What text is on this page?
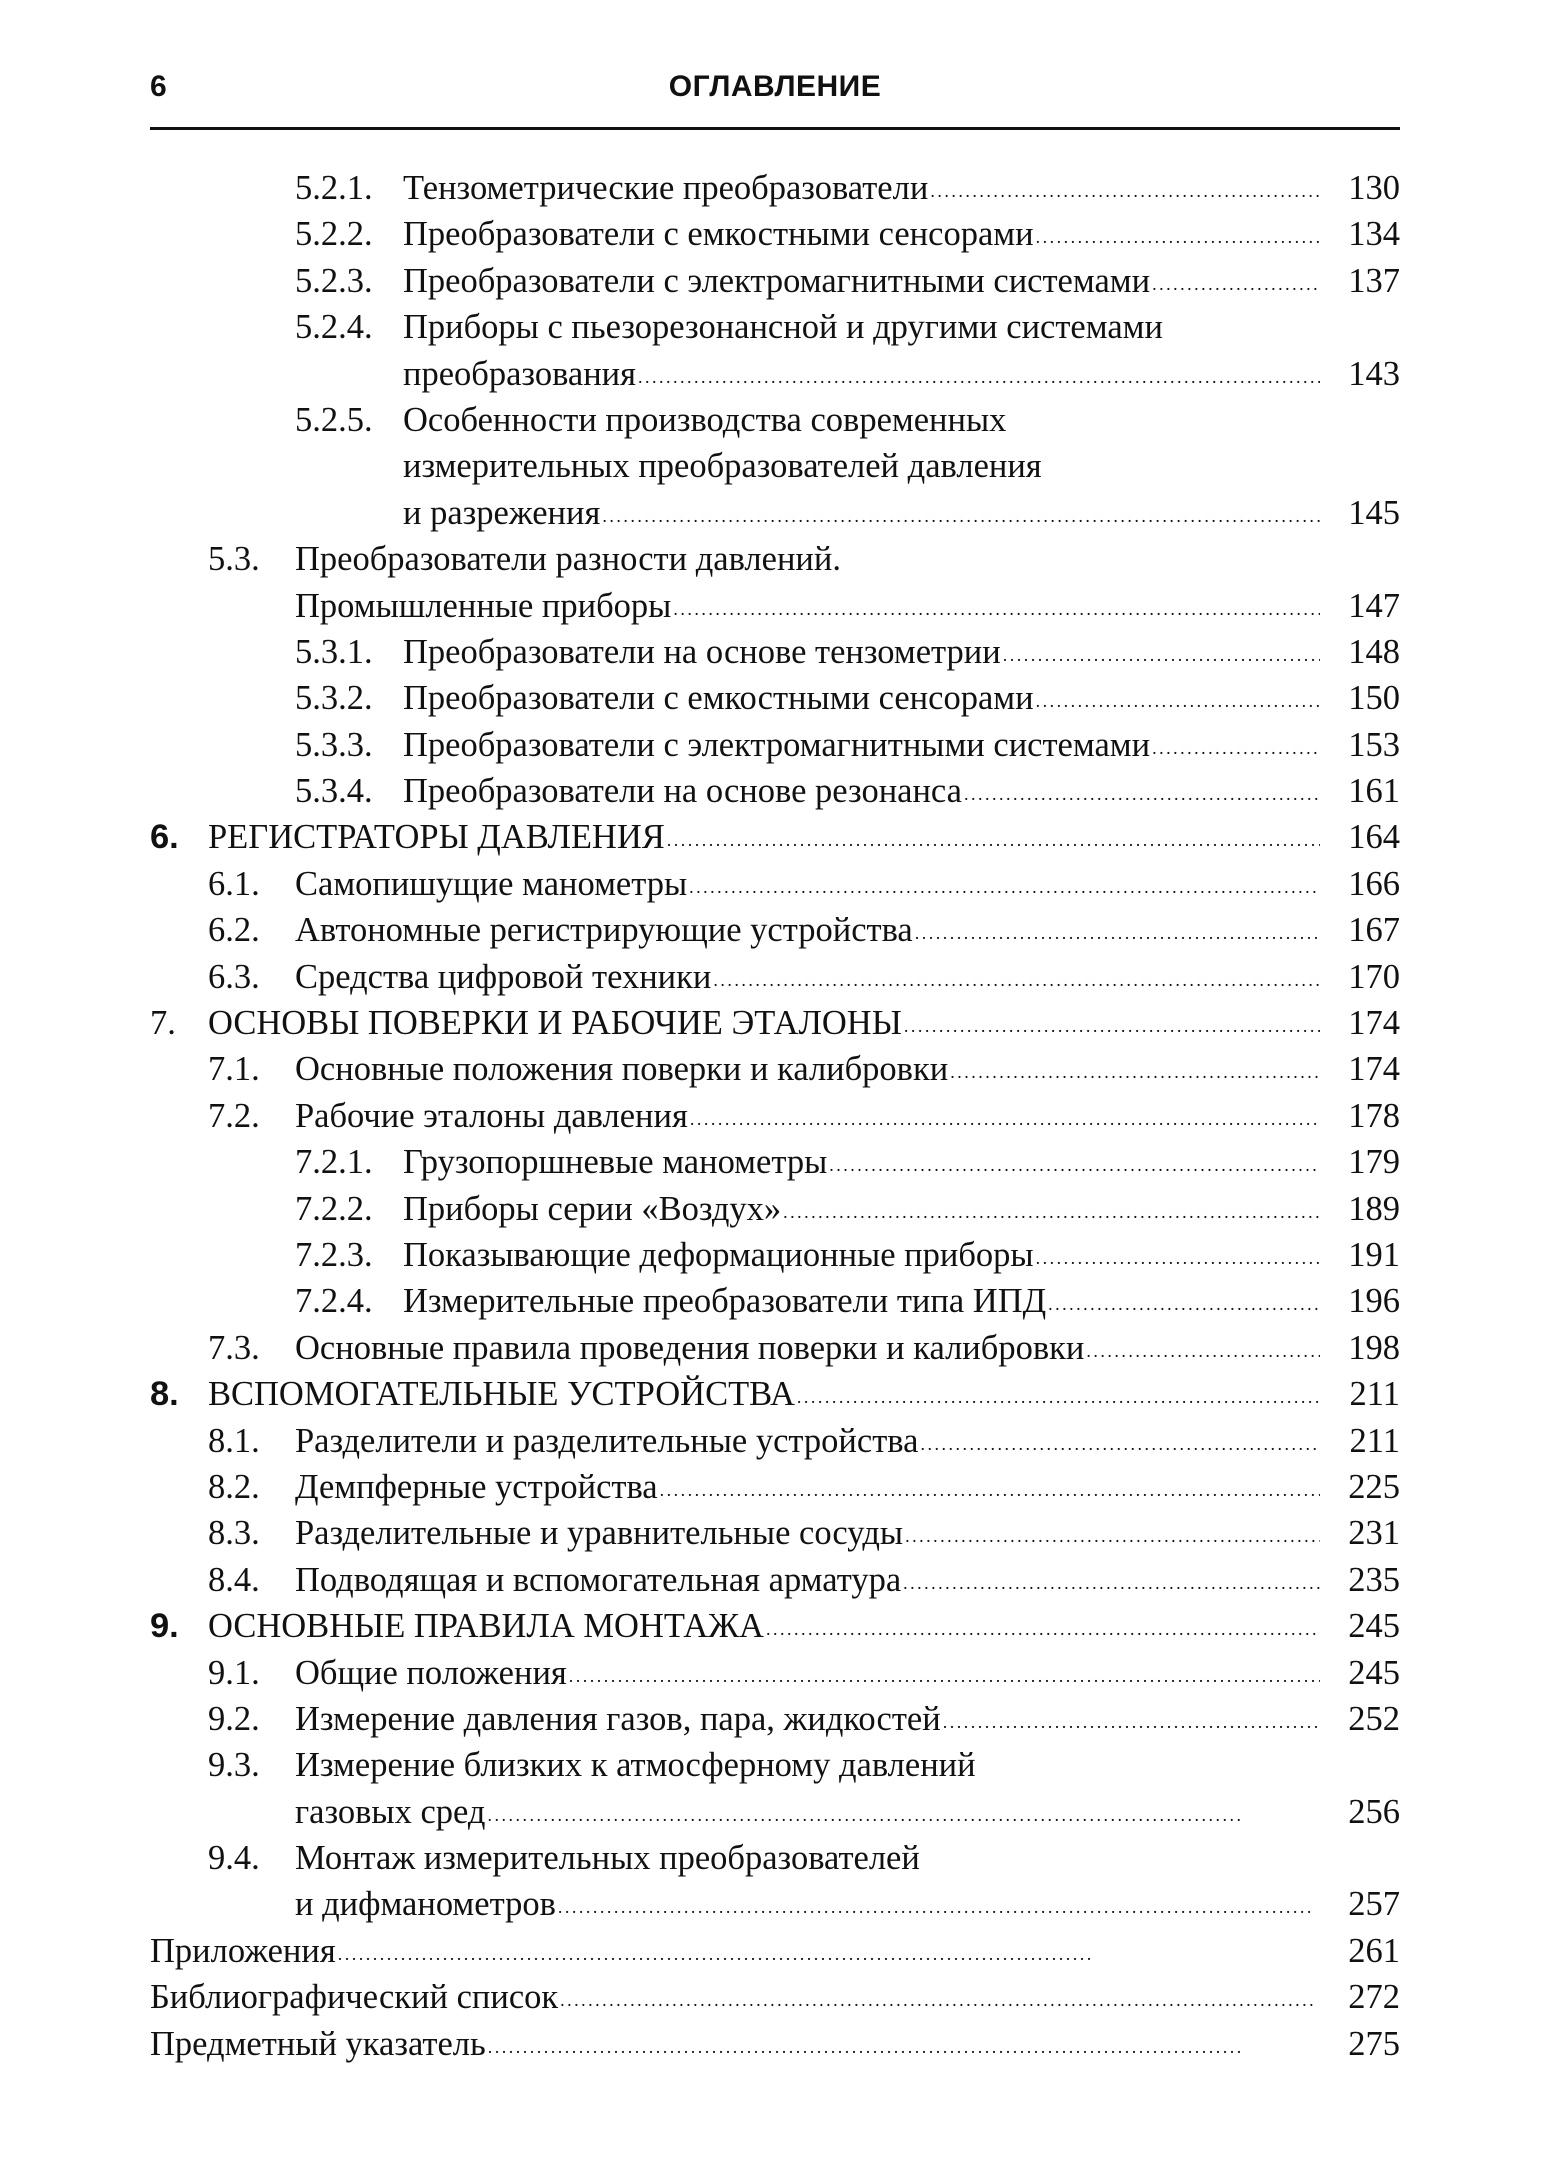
6	ОГЛАВЛЕНИЕ
5.2.1. Тензометрические преобразователи . . .	130
5.2.2. Преобразователи с емкостными сенсорами . . .	134
5.2.3. Преобразователи с электромагнитными системами . . .	137
5.2.4. Приборы с пьезорезонансной и другими системами
преобразования . . .	143
5.2.5. Особенности производства современных
измерительных преобразователей давления
и разрежения . . .	145
5.3. Преобразователи разности давлений.
Промышленные приборы . . .	147
5.3.1. Преобразователи на основе тензометрии . . .	148
5.3.2. Преобразователи с емкостными сенсорами . . .	150
5.3.3. Преобразователи с электромагнитными системами . . .	153
5.3.4. Преобразователи на основе резонанса . . .	161
6. РЕГИСТРАТОРЫ ДАВЛЕНИЯ . . .	164
6.1. Самопишущие манометры . . .	166
6.2. Автономные регистрирующие устройства . . .	167
6.3. Средства цифровой техники . . .	170
7. ОСНОВЫ ПОВЕРКИ И РАБОЧИЕ ЭТАЛОНЫ . . .	174
7.1. Основные положения поверки и калибровки . . .	174
7.2. Рабочие эталоны давления . . .	178
7.2.1. Грузопоршневые манометры . . .	179
7.2.2. Приборы серии «Воздух» . . .	189
7.2.3. Показывающие деформационные приборы . . .	191
7.2.4. Измерительные преобразователи типа ИПД . . .	196
7.3. Основные правила проведения поверки и калибровки . . .	198
8. ВСПОМОГАТЕЛЬНЫЕ УСТРОЙСТВА . . .	211
8.1. Разделители и разделительные устройства . . .	211
8.2. Демпферные устройства . . .	225
8.3. Разделительные и уравнительные сосуды . . .	231
8.4. Подводящая и вспомогательная арматура . . .	235
9. ОСНОВНЫЕ ПРАВИЛА МОНТАЖА . . .	245
9.1. Общие положения . . .	245
9.2. Измерение давления газов, пара, жидкостей . . .	252
9.3. Измерение близких к атмосферному давлений
газовых сред . . .	256
9.4. Монтаж измерительных преобразователей
и дифманометров . . .	257
Приложения . . .	261
Библиографический список . . .	272
Предметный указатель . . .	275
